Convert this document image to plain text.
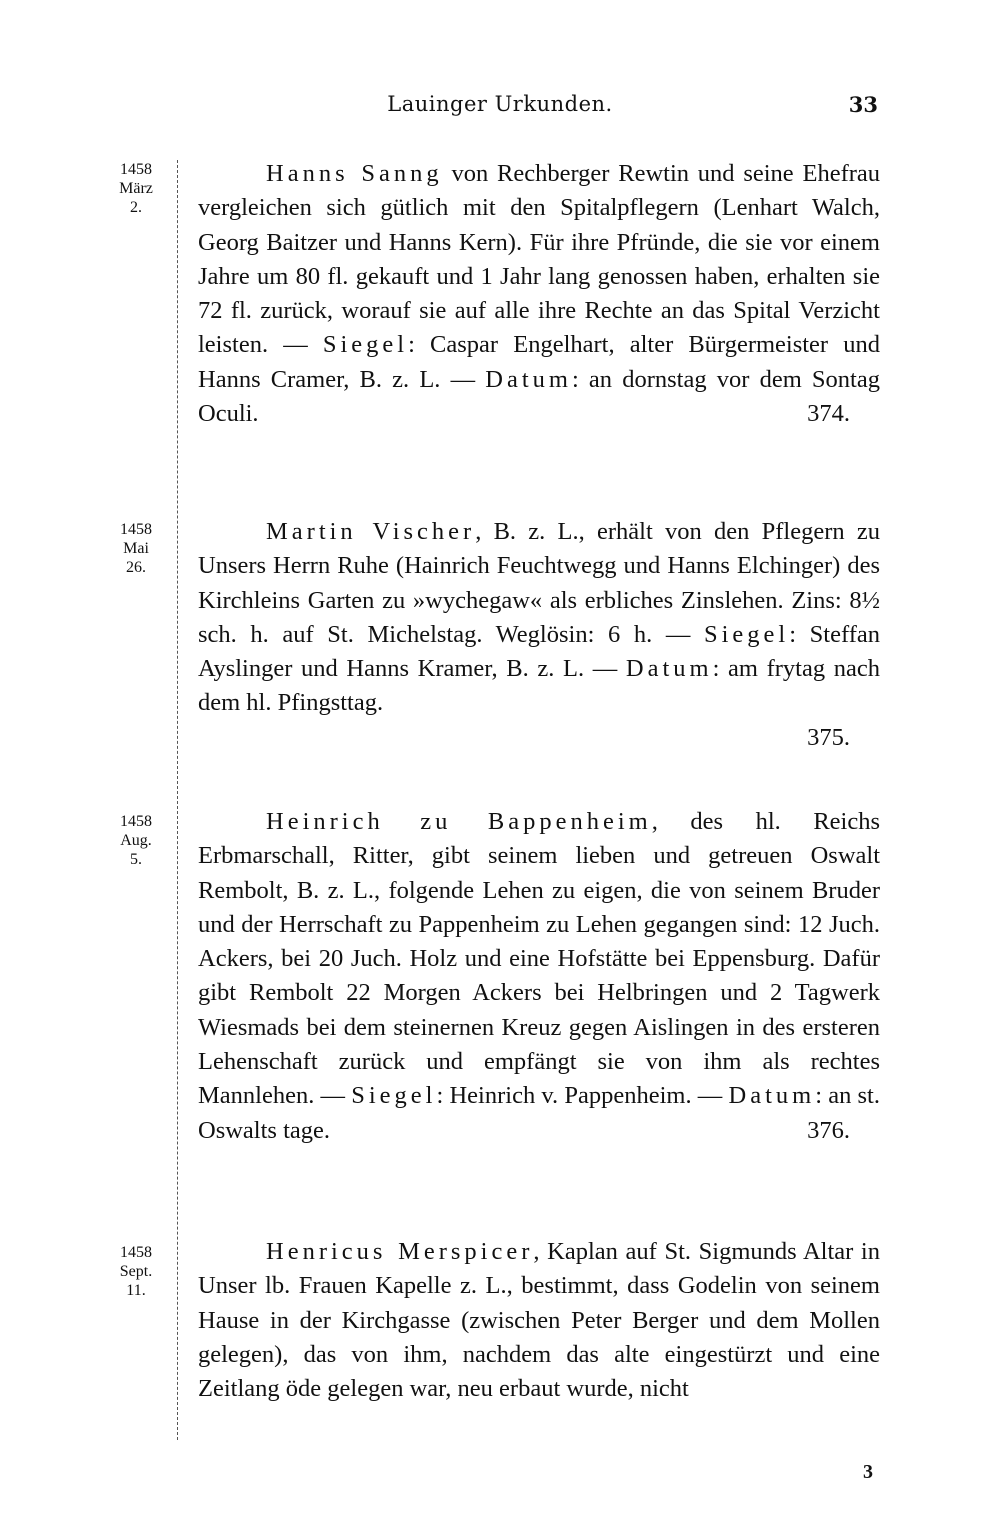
Lauinger Urkunden.	33
1458
März
2.

Hanns Sanng von Rechberger Rewtin und seine Ehefrau vergleichen sich gütlich mit den Spitalpflegern (Lenhart Walch, Georg Baitzer und Hanns Kern). Für ihre Pfründe, die sie vor einem Jahre um 80 fl. gekauft und 1 Jahr lang genossen haben, erhalten sie 72 fl. zurück, worauf sie auf alle ihre Rechte an das Spital Verzicht leisten. — Siegel: Caspar Engelhart, alter Bürgermeister und Hanns Cramer, B. z. L. — Datum: an dornstag vor dem Sontag Oculi.	374.

1458
Mai
26.

Martin Vischer, B. z. L., erhält von den Pflegern zu Unsers Herrn Ruhe (Hainrich Feuchtwegg und Hanns Elchinger) des Kirchleins Garten zu »wychegaw« als erbliches Zinslehen. Zins: 8½ sch. h. auf St. Michelstag. Weglösin: 6 h. — Siegel: Steffan Ayslinger und Hanns Kramer, B. z. L. — Datum: am frytag nach dem hl. Pfingsttag.

375.
1458
Aug.
5.

Heinrich zu Bappenheim, des hl. Reichs Erbmarschall, Ritter, gibt seinem lieben und getreuen Oswalt Rembolt, B. z. L., folgende Lehen zu eigen, die von seinem Bruder und der Herrschaft zu Pappenheim zu Lehen gegangen sind: 12 Juch. Ackers, bei 20 Juch. Holz und eine Hofstätte bei Eppensburg. Dafür gibt Rembolt 22 Morgen Ackers bei Helbringen und 2 Tagwerk Wiesmads bei dem steinernen Kreuz gegen Aislingen in des ersteren Lehenschaft zurück und empfängt sie von ihm als rechtes Mannlehen. — Siegel: Heinrich v. Pappenheim. — Datum: an st. Oswalts tage.	376.

1458
Sept.
11.

Henricus Merspicer, Kaplan auf St. Sigmunds Altar in Unser lb. Frauen Kapelle z. L., bestimmt, dass Godelin von seinem Hause in der Kirchgasse (zwischen Peter Berger und dem Mollen gelegen), das von ihm, nachdem das alte eingestürzt und eine Zeitlang öde gelegen war, neu erbaut wurde, nicht

3
